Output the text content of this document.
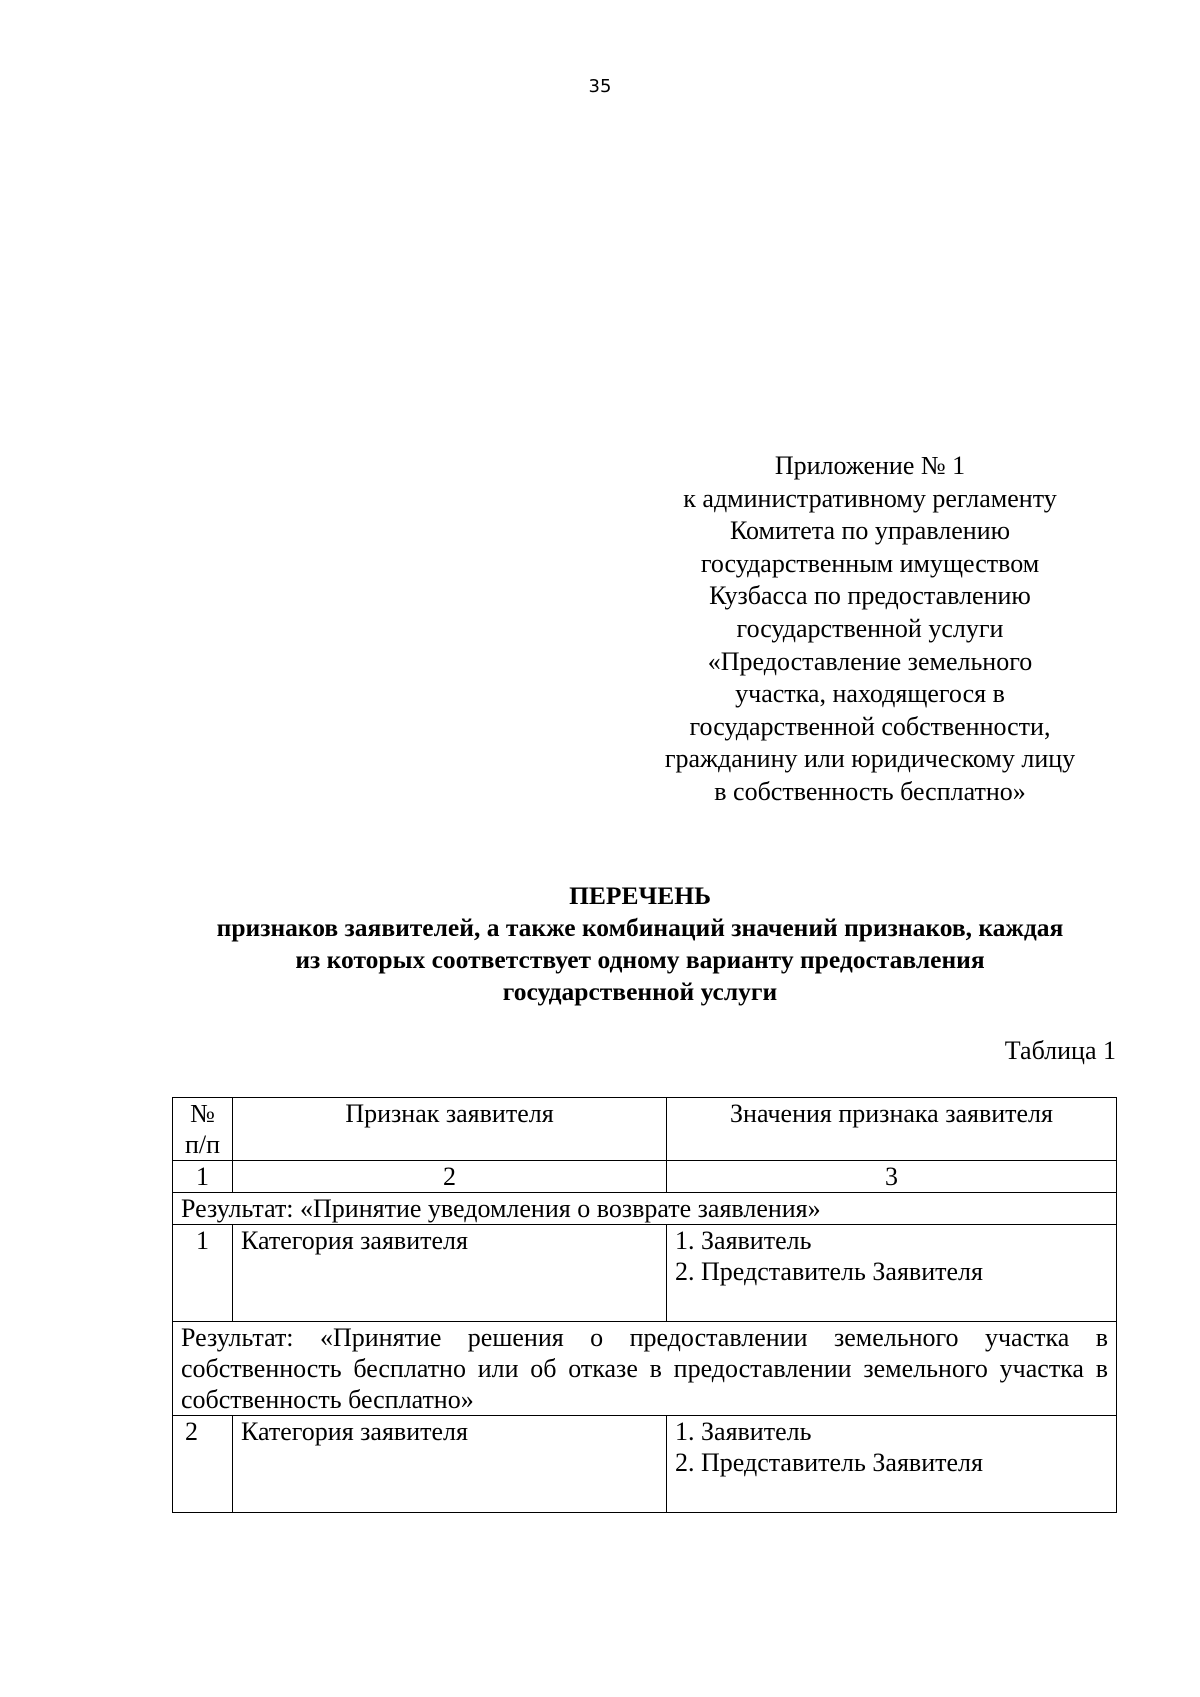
35
Приложение № 1
к административному регламенту
Комитета по управлению
государственным имуществом
Кузбасса по предоставлению
государственной услуги
«Предоставление земельного
участка, находящегося в
государственной собственности,
гражданину или юридическому лицу
в собственность бесплатно»
ПЕРЕЧЕНЬ
признаков заявителей, а также комбинаций значений признаков, каждая
из которых соответствует одному варианту предоставления
государственной услуги
Таблица 1
№ п/п	Признак заявителя	Значения признака заявителя
1	2	3
Результат: «Принятие уведомления о возврате заявления»		
1	Категория заявителя	1. Заявитель
2. Представитель Заявителя

Результат: «Принятие решения о предоставлении земельного участка в собственность бесплатно или об отказе в предоставлении земельного участка в собственность бесплатно»		
2	Категория заявителя	1. Заявитель
2. Представитель Заявителя
